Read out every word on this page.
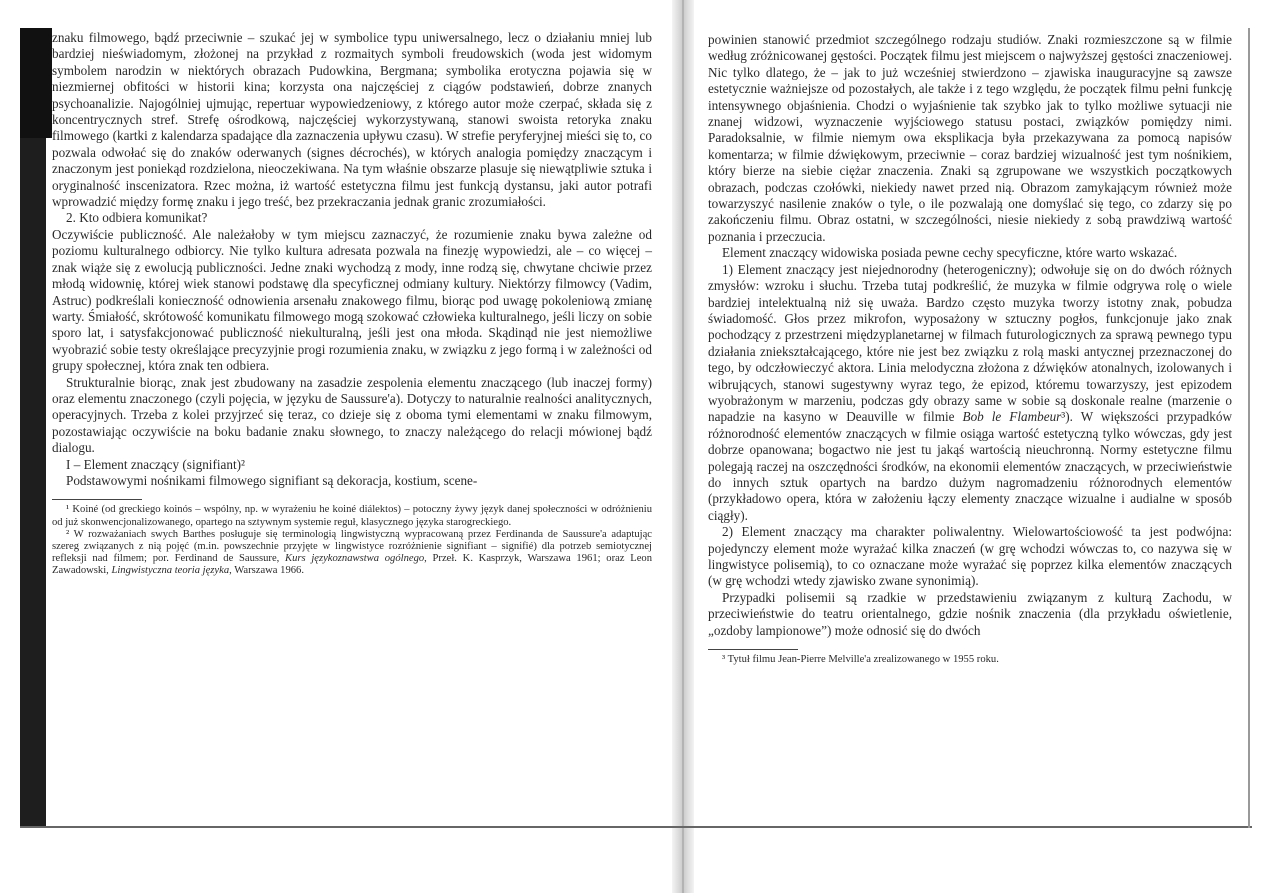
znaku filmowego, bądź przeciwnie – szukać jej w symbolice typu uniwersalnego, lecz o działaniu mniej lub bardziej nieświadomym, złożonej na przykład z rozmaitych symboli freudowskich (woda jest widomym symbolem narodzin w niektórych obrazach Pudowkina, Bergmana; symbolika erotyczna pojawia się w niezmiernej obfitości w historii kina; korzysta ona najczęściej z ciągów podstawień, dobrze znanych psychoanalizie. Najogólniej ujmując, repertuar wypowiedzeniowy, z którego autor może czerpać, składa się z koncentrycznych stref. Strefę ośrodkową, najczęściej wykorzystywaną, stanowi swoista retoryka znaku filmowego (kartki z kalendarza spadające dla zaznaczenia upływu czasu). W strefie peryferyjnej mieści się to, co pozwala odwołać się do znaków oderwanych (signes décrochés), w których analogia pomiędzy znaczącym i znaczonym jest poniekąd rozdzielona, nieoczekiwana. Na tym właśnie obszarze plasuje się niewątpliwie sztuka i oryginalność inscenizatora. Rzec można, iż wartość estetyczna filmu jest funkcją dystansu, jaki autor potrafi wprowadzić między formę znaku i jego treść, bez przekraczania jednak granic zrozumiałości.

2. Kto odbiera komunikat?

Oczywiście publiczność. Ale należałoby w tym miejscu zaznaczyć, że rozumienie znaku bywa zależne od poziomu kulturalnego odbiorcy. Nie tylko kultura adresata pozwala na finezję wypowiedzi, ale – co więcej – znak wiąże się z ewolucją publiczności. Jedne znaki wychodzą z mody, inne rodzą się, chwytane chciwie przez młodą widownię, której wiek stanowi podstawę dla specyficznej odmiany kultury. Niektórzy filmowcy (Vadim, Astruc) podkreślali konieczność odnowienia arsenału znakowego filmu, biorąc pod uwagę pokoleniową zmianę warty. Śmiałość, skrótowość komunikatu filmowego mogą szokować człowieka kulturalnego, jeśli liczy on sobie sporo lat, i satysfakcjonować publiczność niekulturalną, jeśli jest ona młoda. Skądinąd nie jest niemożliwe wyobrazić sobie testy określające precyzyjnie progi rozumienia znaku, w związku z jego formą i w zależności od grupy społecznej, która znak ten odbiera.

Strukturalnie biorąc, znak jest zbudowany na zasadzie zespolenia elementu znaczącego (lub inaczej formy) oraz elementu znaczonego (czyli pojęcia, w języku de Saussure'a). Dotyczy to naturalnie realności analitycznych, operacyjnych. Trzeba z kolei przyjrzeć się teraz, co dzieje się z oboma tymi elementami w znaku filmowym, pozostawiając oczywiście na boku badanie znaku słownego, to znaczy należącego do relacji mówionej bądź dialogu.

I – Element znaczący (signifiant)²

Podstawowymi nośnikami filmowego signifiant są dekoracja, kostium, scene-

¹ Koiné (od greckiego koinós – wspólny, np. w wyrażeniu he koiné diálektos) – potoczny żywy język danej społeczności w odróżnieniu od już skonwencjonalizowanego, opartego na sztywnym systemie reguł, klasycznego języka starogreckiego.

² W rozważaniach swych Barthes posługuje się terminologią lingwistyczną wypracowaną przez Ferdinanda de Saussure'a adaptując szereg związanych z nią pojęć (m.in. powszechnie przyjęte w lingwistyce rozróżnienie signifiant – signifié) dla potrzeb semiotycznej refleksji nad filmem; por. Ferdinand de Saussure, Kurs językoznawstwa ogólnego, Przeł. K. Kasprzyk, Warszawa 1961; oraz Leon Zawadowski, Lingwistyczna teoria języka, Warszawa 1966.

powinien stanowić przedmiot szczególnego rodzaju studiów. Znaki rozmieszczone są w filmie według zróżnicowanej gęstości. Początek filmu jest miejscem o najwyższej gęstości znaczeniowej. Nic tylko dlatego, że – jak to już wcześniej stwierdzono – zjawiska inauguracyjne są zawsze estetycznie ważniejsze od pozostałych, ale także i z tego względu, że początek filmu pełni funkcję intensywnego objaśnienia. Chodzi o wyjaśnienie tak szybko jak to tylko możliwe sytuacji nie znanej widzowi, wyznaczenie wyjściowego statusu postaci, związków pomiędzy nimi. Paradoksalnie, w filmie niemym owa eksplikacja była przekazywana za pomocą napisów komentarza; w filmie dźwiękowym, przeciwnie – coraz bardziej wizualność jest tym nośnikiem, który bierze na siebie ciężar znaczenia. Znaki są zgrupowane we wszystkich początkowych obrazach, podczas czołówki, niekiedy nawet przed nią. Obrazom zamykającym również może towarzyszyć nasilenie znaków o tyle, o ile pozwalają one domyślać się tego, co zdarzy się po zakończeniu filmu. Obraz ostatni, w szczególności, niesie niekiedy z sobą prawdziwą wartość poznania i przeczucia.

Element znaczący widowiska posiada pewne cechy specyficzne, które warto wskazać.

1) Element znaczący jest niejednorodny (heterogeniczny); odwołuje się on do dwóch różnych zmysłów: wzroku i słuchu. Trzeba tutaj podkreślić, że muzyka w filmie odgrywa rolę o wiele bardziej intelektualną niż się uważa. Bardzo często muzyka tworzy istotny znak, pobudza świadomość. Głos przez mikrofon, wyposażony w sztuczny pogłos, funkcjonuje jako znak pochodzący z przestrzeni międzyplanetarnej w filmach futurologicznych za sprawą pewnego typu działania zniekształcającego, które nie jest bez związku z rolą maski antycznej przeznaczonej do tego, by odczłowieczyć aktora. Linia melodyczna złożona z dźwięków atonalnych, izolowanych i wibrujących, stanowi sugestywny wyraz tego, że epizod, któremu towarzyszy, jest epizodem wyobrażonym w marzeniu, podczas gdy obrazy same w sobie są doskonale realne (marzenie o napadzie na kasyno w Deauville w filmie Bob le Flambeur³). W większości przypadków różnorodność elementów znaczących w filmie osiąga wartość estetyczną tylko wówczas, gdy jest dobrze opanowana; bogactwo nie jest tu jakąś wartością nieuchronną. Normy estetyczne filmu polegają raczej na oszczędności środków, na ekonomii elementów znaczących, w przeciwieństwie do innych sztuk opartych na bardzo dużym nagromadzeniu różnorodnych elementów (przykładowo opera, która w założeniu łączy elementy znaczące wizualne i audialne w sposób ciągły).

2) Element znaczący ma charakter poliwalentny. Wielowartościowość ta jest podwójna: pojedynczy element może wyrażać kilka znaczeń (w grę wchodzi wówczas to, co nazywa się w lingwistyce polisemią), to co oznaczane może wyrażać się poprzez kilka elementów znaczących (w grę wchodzi wtedy zjawisko zwane synonimią).

Przypadki polisemii są rzadkie w przedstawieniu związanym z kulturą Zachodu, w przeciwieństwie do teatru orientalnego, gdzie nośnik znaczenia (dla przykładu oświetlenie, „ozdoby lampionowe”) może odnosić się do dwóch

³ Tytuł filmu Jean-Pierre Melville'a zrealizowanego w 1955 roku.
